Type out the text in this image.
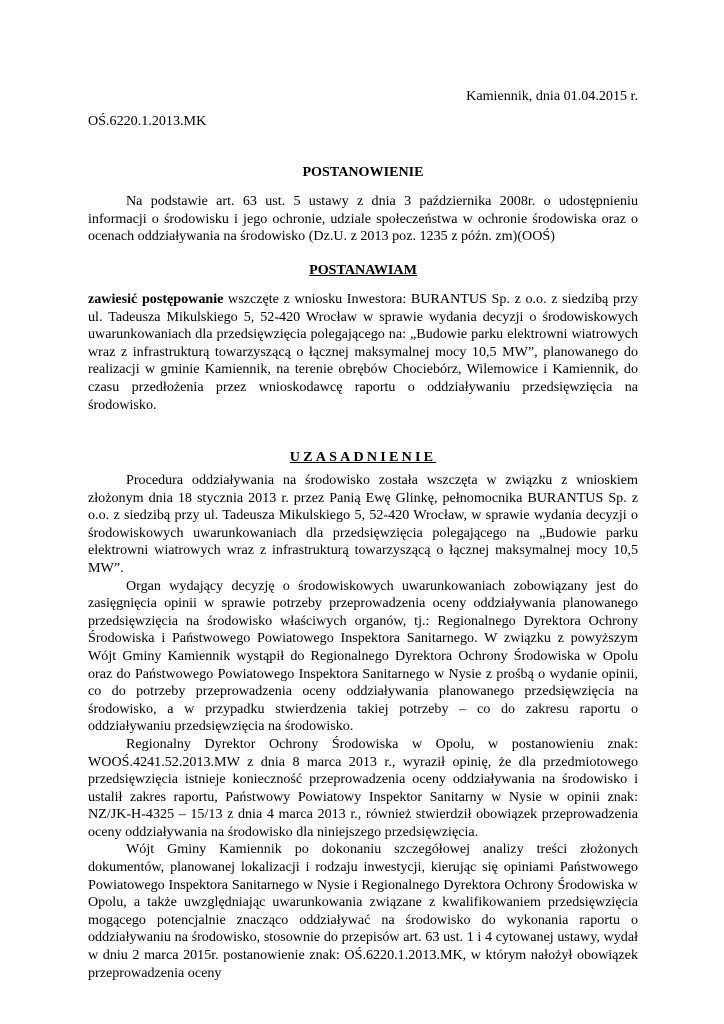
Kamiennik, dnia 01.04.2015 r.
OŚ.6220.1.2013.MK
POSTANOWIENIE

Na podstawie art. 63 ust. 5 ustawy z dnia 3 października 2008r. o udostępnieniu informacji o środowisku i jego ochronie, udziale społeczeństwa w ochronie środowiska oraz o ocenach oddziaływania na środowisko (Dz.U. z 2013 poz. 1235 z późn. zm)(OOŚ)

POSTANAWIAM

zawiesić postępowanie wszczęte z wniosku Inwestora: BURANTUS Sp. z o.o. z siedzibą przy ul. Tadeusza Mikulskiego 5, 52-420 Wrocław w sprawie wydania decyzji o środowiskowych uwarunkowaniach dla przedsięwzięcia polegającego na: „Budowie parku elektrowni wiatrowych wraz z infrastrukturą towarzyszącą o łącznej maksymalnej mocy 10,5 MW”, planowanego do realizacji w gminie Kamiennik, na terenie obrębów Chociebórz, Wilemowice i Kamiennik, do czasu przedłożenia przez wnioskodawcę raportu o oddziaływaniu przedsięwzięcia na środowisko.

UZASADNIENIE

Procedura oddziaływania na środowisko została wszczęta w związku z wnioskiem złożonym dnia 18 stycznia 2013 r. przez Panią Ewę Glinkę, pełnomocnika BURANTUS Sp. z o.o. z siedzibą przy ul. Tadeusza Mikulskiego 5, 52-420 Wrocław, w sprawie wydania decyzji o środowiskowych uwarunkowaniach dla przedsięwzięcia polegającego na „Budowie parku elektrowni wiatrowych wraz z infrastrukturą towarzyszącą o łącznej maksymalnej mocy 10,5 MW”.

Organ wydający decyzję o środowiskowych uwarunkowaniach zobowiązany jest do zasięgnięcia opinii w sprawie potrzeby przeprowadzenia oceny oddziaływania planowanego przedsięwzięcia na środowisko właściwych organów, tj.: Regionalnego Dyrektora Ochrony Środowiska i Państwowego Powiatowego Inspektora Sanitarnego. W związku z powyższym Wójt Gminy Kamiennik wystąpił do Regionalnego Dyrektora Ochrony Środowiska w Opolu oraz do Państwowego Powiatowego Inspektora Sanitarnego w Nysie z prośbą o wydanie opinii, co do potrzeby przeprowadzenia oceny oddziaływania planowanego przedsięwzięcia na środowisko, a w przypadku stwierdzenia takiej potrzeby – co do zakresu raportu o oddziaływaniu przedsięwzięcia na środowisko.

Regionalny Dyrektor Ochrony Środowiska w Opolu, w postanowieniu znak: WOOŚ.4241.52.2013.MW z dnia 8 marca 2013 r., wyraził opinię, że dla przedmiotowego przedsięwzięcia istnieje konieczność przeprowadzenia oceny oddziaływania na środowisko i ustalił zakres raportu, Państwowy Powiatowy Inspektor Sanitarny w Nysie w opinii znak: NZ/JK-H-4325 – 15/13 z dnia 4 marca 2013 r., również stwierdził obowiązek przeprowadzenia oceny oddziaływania na środowisko dla niniejszego przedsięwzięcia.

Wójt Gminy Kamiennik po dokonaniu szczegółowej analizy treści złożonych dokumentów, planowanej lokalizacji i rodzaju inwestycji, kierując się opiniami Państwowego Powiatowego Inspektora Sanitarnego w Nysie i Regionalnego Dyrektora Ochrony Środowiska w Opolu, a także uwzględniając uwarunkowania związane z kwalifikowaniem przedsięwzięcia mogącego potencjalnie znacząco oddziaływać na środowisko do wykonania raportu o oddziaływaniu na środowisko, stosownie do przepisów art. 63 ust. 1 i 4 cytowanej ustawy, wydał w dniu 2 marca 2015r. postanowienie znak: OŚ.6220.1.2013.MK, w którym nałożył obowiązek przeprowadzenia oceny
